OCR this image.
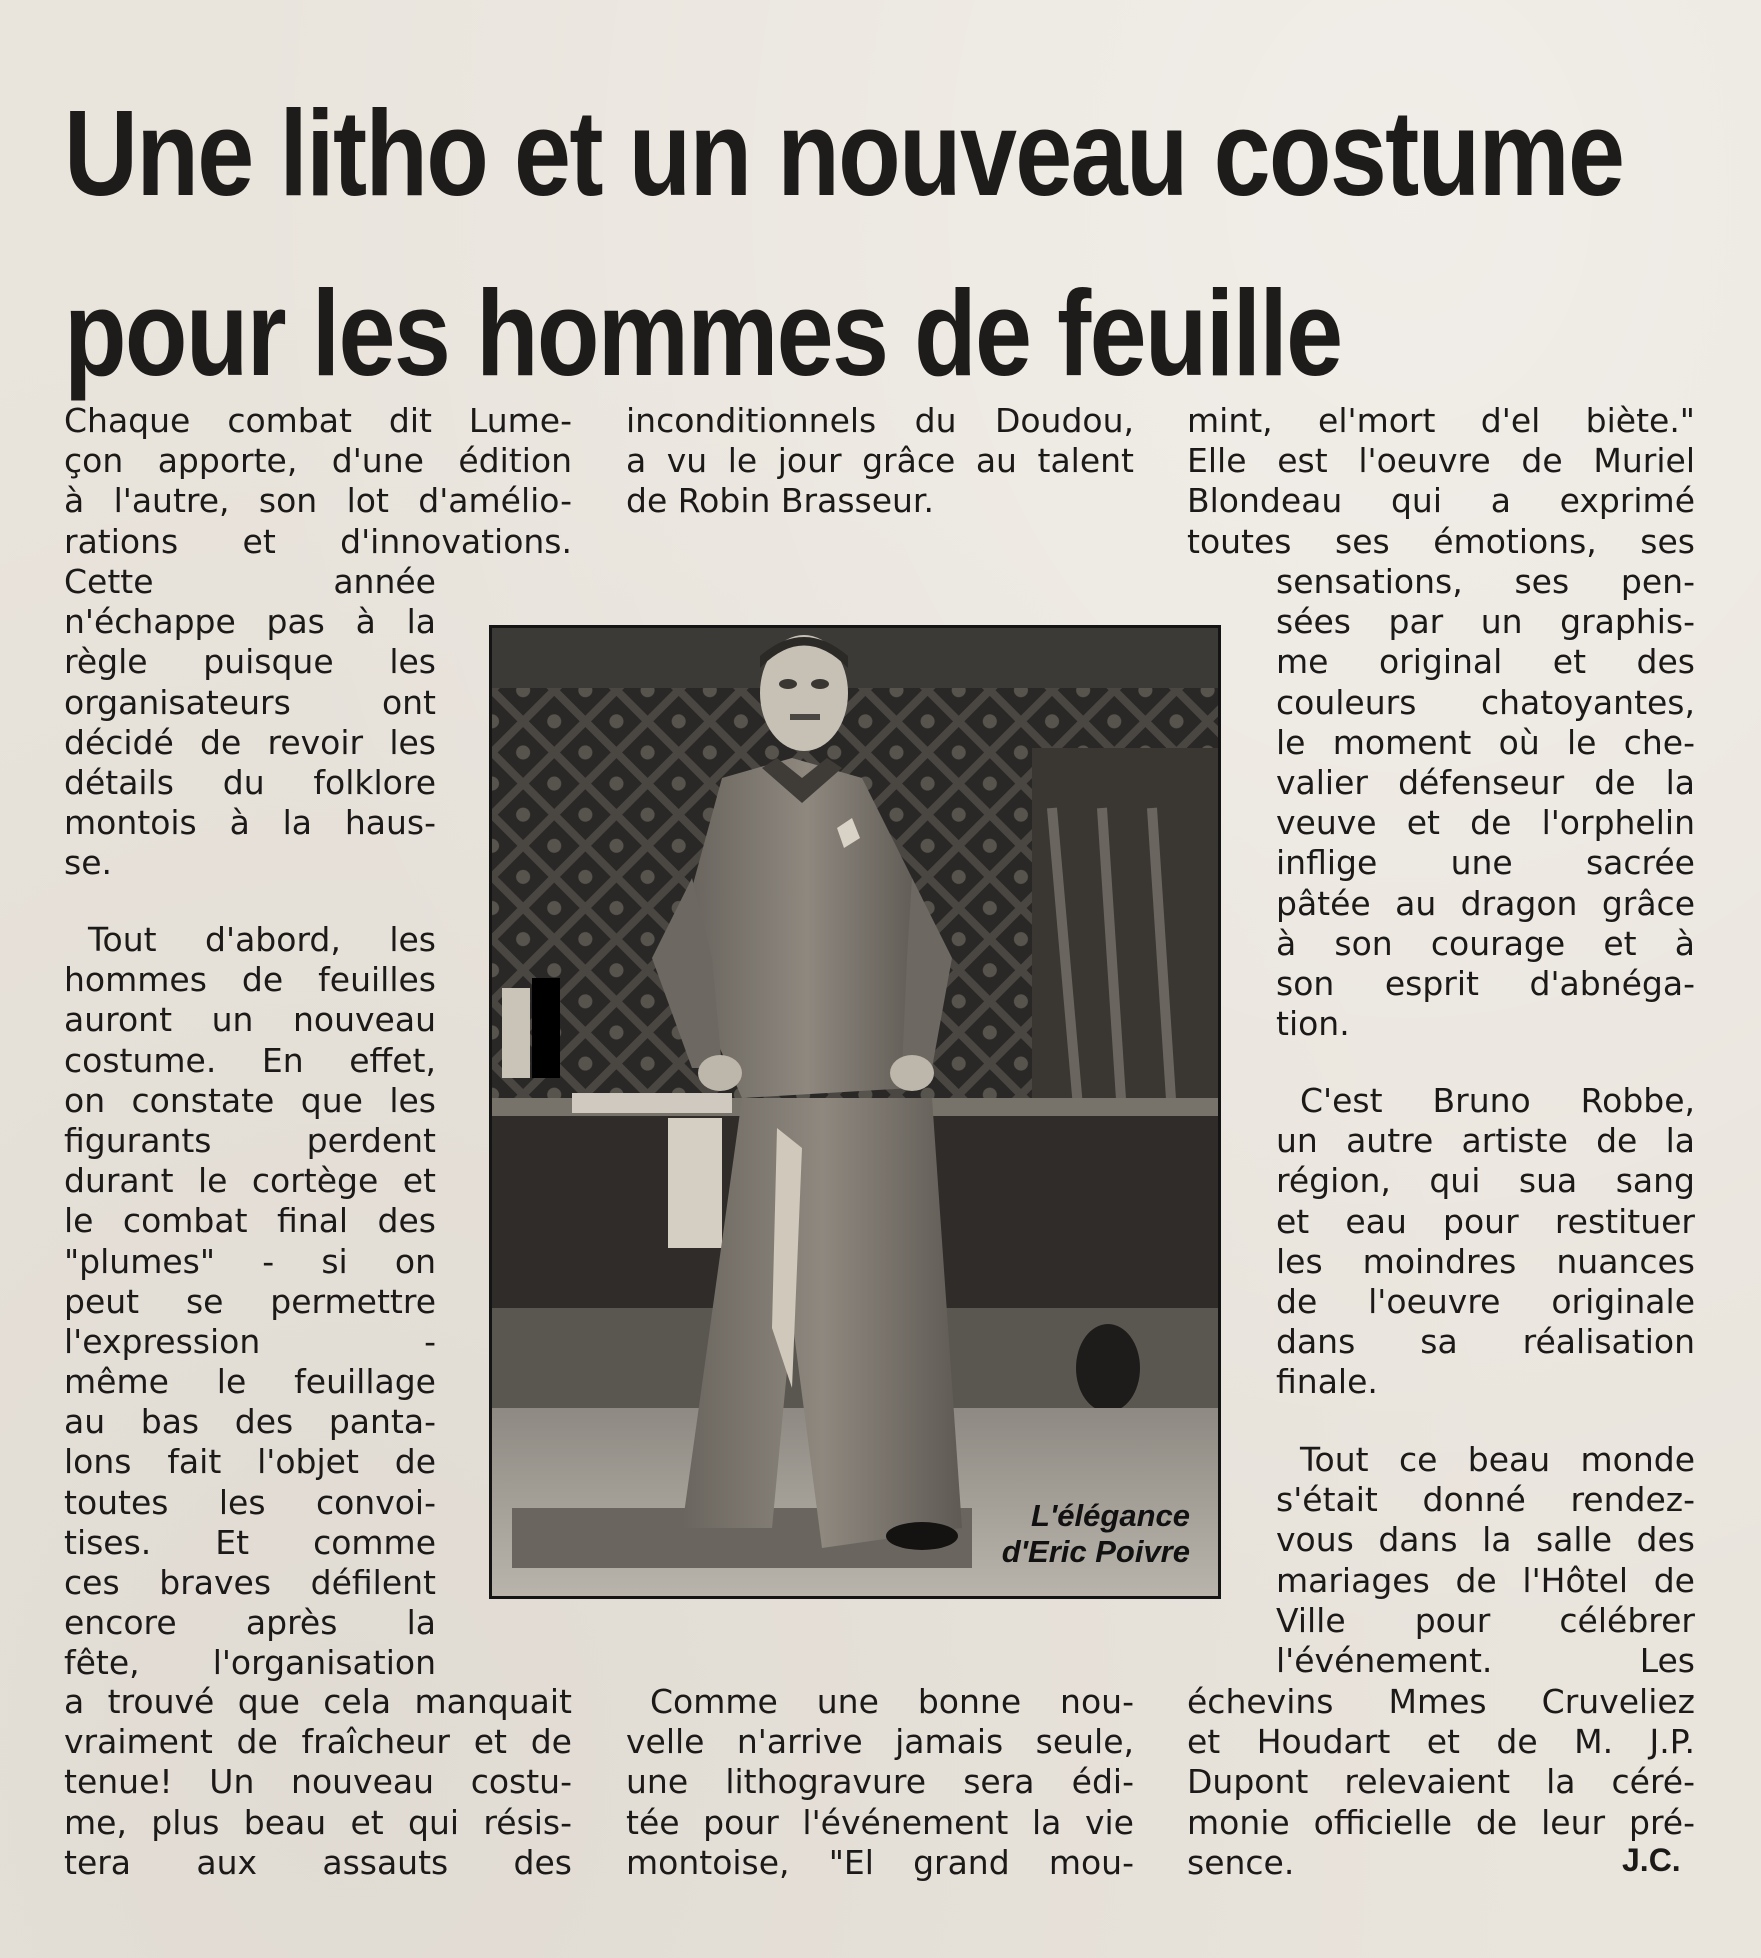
Une litho et un nouveau costume
pour les hommes de feuille
Chaque combat dit Lume-
çon apporte, d'une édition
à l'autre, son lot d'amélio-
rations et d'innovations.
Cette année
n'échappe pas à la
règle puisque les
organisateurs ont
décidé de revoir les
détails du folklore
montois à la haus-
se.
Tout d'abord, les
hommes de feuilles
auront un nouveau
costume. En effet,
on constate que les
figurants perdent
durant le cortège et
le combat final des
"plumes" - si on
peut se permettre
l'expression -
même le feuillage
au bas des panta-
lons fait l'objet de
toutes les convoi-
tises. Et comme
ces braves défilent
encore après la
fête, l'organisation
a trouvé que cela manquait
vraiment de fraîcheur et de
tenue! Un nouveau costu-
me, plus beau et qui résis-
tera aux assauts des
inconditionnels du Doudou,
a vu le jour grâce au talent
de Robin Brasseur.
Comme une bonne nou-
velle n'arrive jamais seule,
une lithogravure sera édi-
tée pour l'événement la vie
montoise, "El grand mou-
mint, el'mort d'el biète."
Elle est l'oeuvre de Muriel
Blondeau qui a exprimé
toutes ses émotions, ses
sensations, ses pen-
sées par un graphis-
me original et des
couleurs chatoyantes,
le moment où le che-
valier défenseur de la
veuve et de l'orphelin
inflige une sacrée
pâtée au dragon grâce
à son courage et à
son esprit d'abnéga-
tion.
C'est Bruno Robbe,
un autre artiste de la
région, qui sua sang
et eau pour restituer
les moindres nuances
de l'oeuvre originale
dans sa réalisation
finale.
Tout ce beau monde
s'était donné rendez-
vous dans la salle des
mariages de l'Hôtel de
Ville pour célébrer
l'événement. Les
échevins Mmes Cruveliez
et Houdart et de M. J.P.
Dupont relevaient la céré-
monie officielle de leur pré-
sence.	J.C.
L'élégance
d'Eric Poivre
